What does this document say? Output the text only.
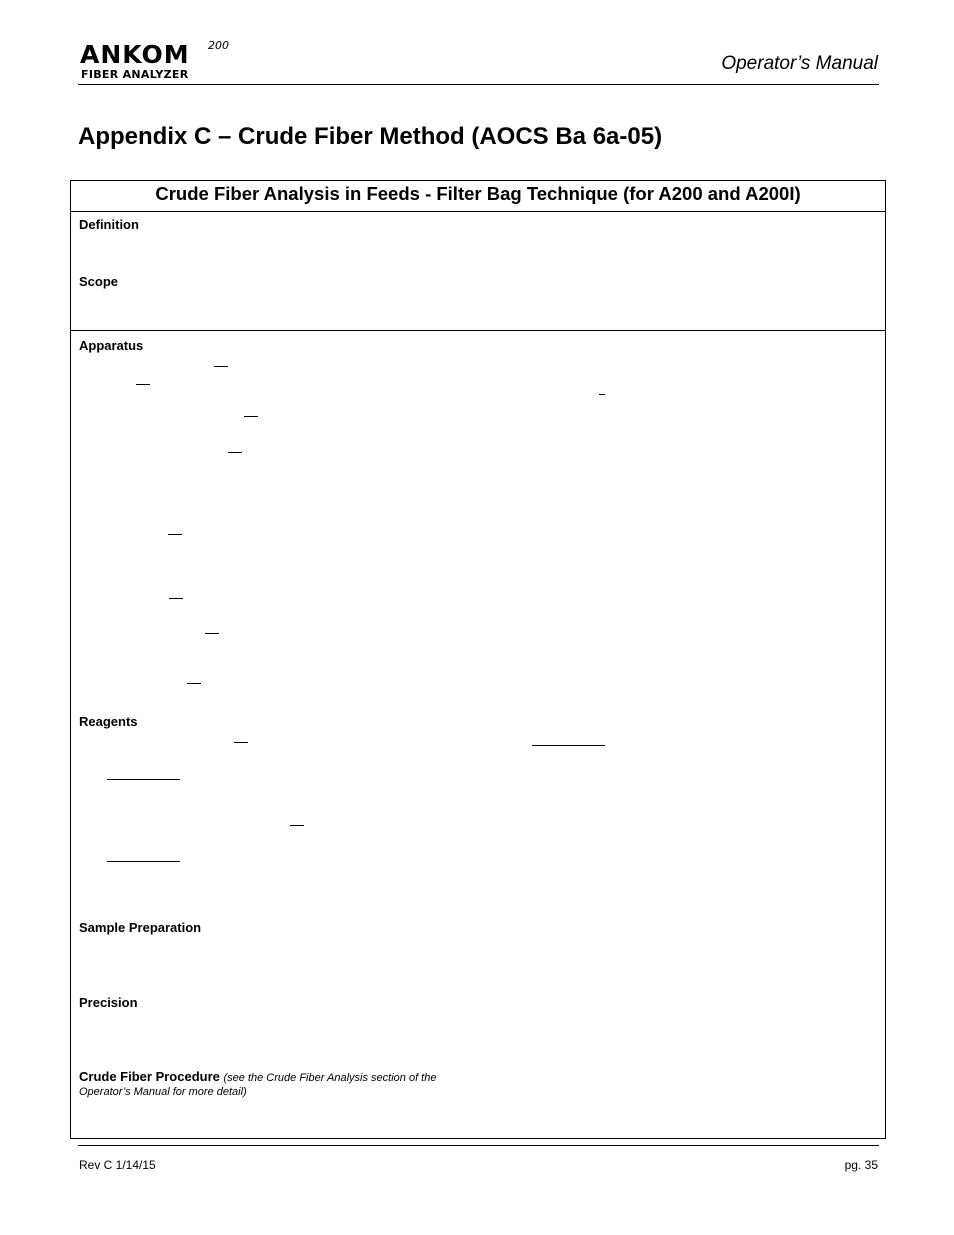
ANKOM 200
FIBER ANALYZER
Operator’s Manual
Appendix C – Crude Fiber Method (AOCS Ba 6a-05)
Crude Fiber Analysis in Feeds - Filter Bag Technique (for A200 and A200I)
Definition
Scope
Apparatus
Reagents
Sample Preparation
Precision
Crude Fiber Procedure (see the Crude Fiber Analysis section of the
Operator’s Manual for more detail)
Rev C 1/14/15	pg. 35
